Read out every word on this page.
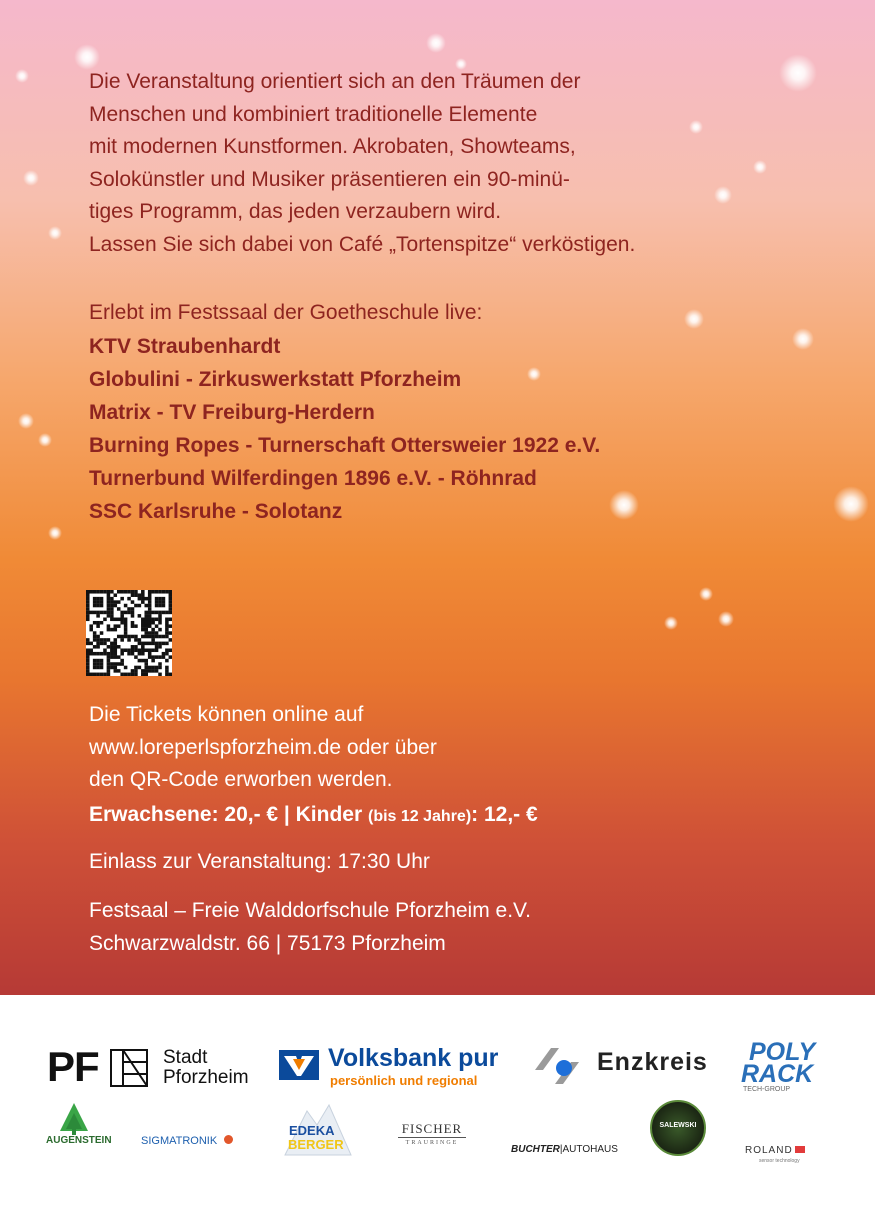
Die Veranstaltung orientiert sich an den Träumen der

Menschen und kombiniert traditionelle Elemente

mit modernen Kunstformen. Akrobaten, Showteams,

Solokünstler und Musiker präsentieren ein 90-minü-

tiges Programm, das jeden verzaubern wird.

Lassen Sie sich dabei von Café „Tortenspitze“ verköstigen.

Erlebt im Festssaal der Goetheschule live:
KTV Straubenhardt
Globulini - Zirkuswerkstatt Pforzheim
Matrix - TV Freiburg-Herdern
Burning Ropes - Turnerschaft Ottersweier 1922 e.V.
Turnerbund Wilferdingen 1896 e.V. - Röhnrad
SSC Karlsruhe - Solotanz
Die Tickets können online auf
www.loreperlspforzheim.de oder über
den QR-Code erworben werden.
Erwachsene: 20,- € | Kinder (bis 12 Jahre): 12,- €
Einlass zur Veranstaltung: 17:30 Uhr
Festsaal – Freie Walddorfschule Pforzheim e.V.
Schwarzwaldstr. 66 | 75173 Pforzheim
PF	Stadt
Pforzheim
Volksbank pur
persönlich und regional
Enzkreis POLY
RACK
TECH-GROUP
AUGENSTEIN	SIGMATRONIK
EDEKA
BERGER
FISCHER
TRAURINGE
BUCHTER|AUTOHAUS
SALEWSKI
ROLAND
sensor technology
